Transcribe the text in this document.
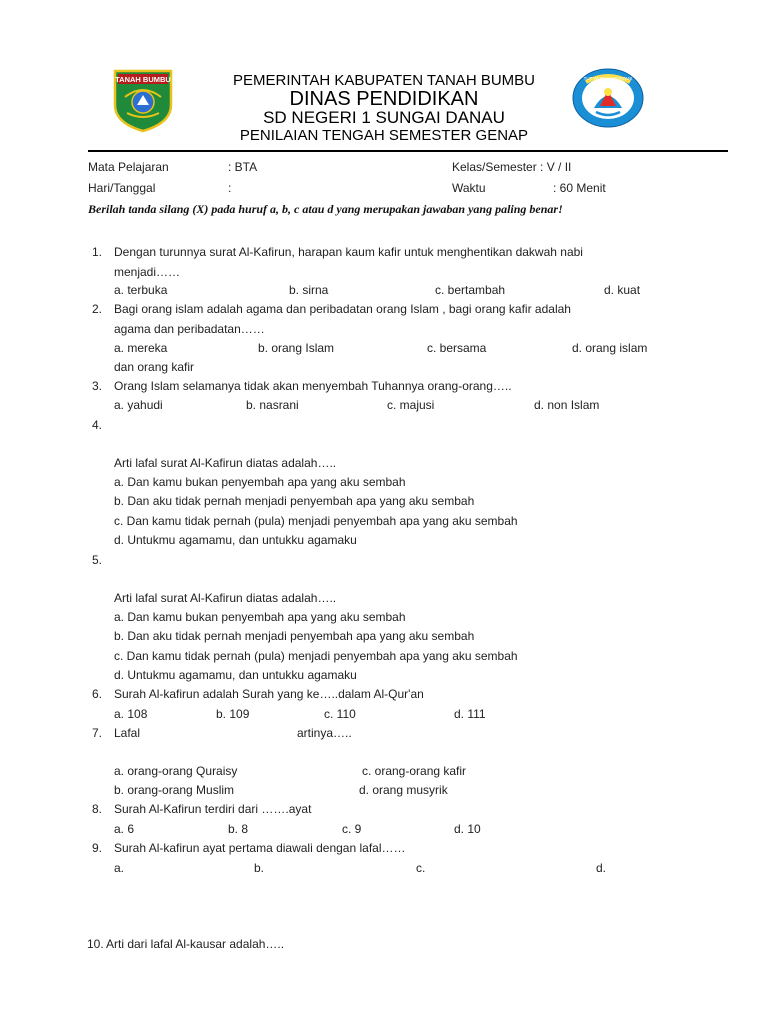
TANAH BUMBU	TUT WURI HANDAYANI
PEMERINTAH KABUPATEN TANAH BUMBU
DINAS PENDIDIKAN
SD NEGERI 1 SUNGAI DANAU
PENILAIAN TENGAH SEMESTER GENAP
Mata Pelajaran	: BTA	Kelas/Semester : V / II
Hari/Tanggal	:	Waktu	: 60 Menit
Berilah tanda silang (X) pada huruf a, b, c atau d yang merupakan jawaban yang paling benar!
1. Dengan turunnya surat Al-Kafirun, harapan kaum kafir untuk menghentikan dakwah nabi
menjadi……
a. terbuka	b. sirna	c. bertambah	d. kuat
2. Bagi orang islam adalah agama dan peribadatan orang Islam , bagi orang kafir adalah
agama dan peribadatan……
a. mereka	b. orang Islam	c. bersama	d. orang islam
dan orang kafir
3. Orang Islam selamanya tidak akan menyembah Tuhannya orang-orang…..
a. yahudi	b. nasrani	c. majusi	d. non Islam
4.
Arti lafal surat Al-Kafirun diatas adalah…..
a. Dan kamu bukan penyembah apa yang aku sembah
b. Dan aku tidak pernah menjadi penyembah apa yang aku sembah
c. Dan kamu tidak pernah (pula) menjadi penyembah apa yang aku sembah
d. Untukmu agamamu, dan untukku agamaku
5.
Arti lafal surat Al-Kafirun diatas adalah…..
a. Dan kamu bukan penyembah apa yang aku sembah
b. Dan aku tidak pernah menjadi penyembah apa yang aku sembah
c. Dan kamu tidak pernah (pula) menjadi penyembah apa yang aku sembah
d. Untukmu agamamu, dan untukku agamaku
6. Surah Al-kafirun adalah Surah yang ke…..dalam Al-Qur'an
a. 108	b. 109	c. 110	d. 111
7. Lafal	artinya…..
a. orang-orang Quraisy	c. orang-orang kafir
b. orang-orang Muslim	d. orang musyrik
8. Surah Al-Kafirun terdiri dari …….ayat
a. 6	b. 8	c. 9	d. 10
9. Surah Al-kafirun ayat pertama diawali dengan lafal……
a.	b.	c.	d.
10. Arti dari lafal Al-kausar adalah…..
